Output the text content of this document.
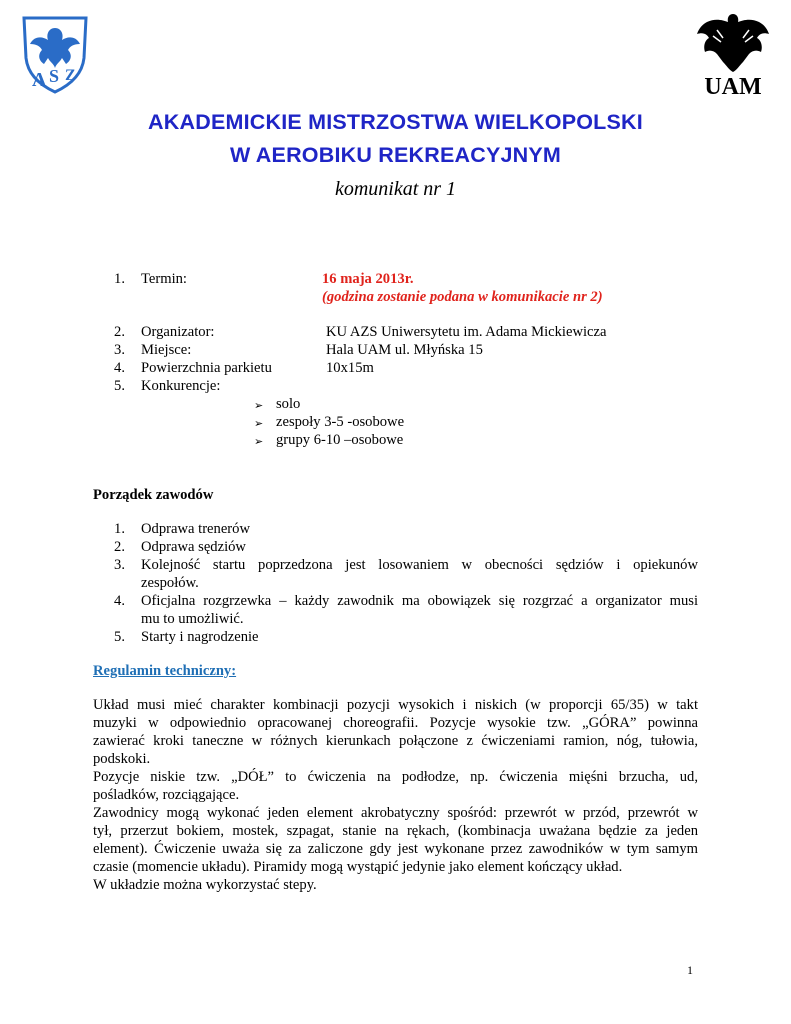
A S Z	UAM
AKADEMICKIE MISTRZOSTWA WIELKOPOLSKI
W AEROBIKU REKREACYJNYM
komunikat nr 1
1. Termin:	16 maja 2013r.
(godzina zostanie podana w komunikacie nr 2)
2. Organizator:	KU AZS Uniwersytetu im. Adama Mickiewicza
3. Miejsce:	Hala UAM ul. Młyńska 15
4. Powierzchnia parkietu	10x15m
5. Konkurencje:
➢ solo
➢ zespoły 3-5 -osobowe
➢ grupy 6-10 –osobowe
Porządek zawodów
1. Odprawa trenerów
2. Odprawa sędziów
3. Kolejność startu poprzedzona jest losowaniem w obecności sędziów i opiekunów
zespołów.
4. Oficjalna rozgrzewka – każdy zawodnik ma obowiązek się rozgrzać a organizator musi
mu to umożliwić.
5. Starty i nagrodzenie
Regulamin techniczny:
Układ musi mieć charakter kombinacji pozycji wysokich i niskich (w proporcji 65/35) w takt
muzyki w odpowiednio opracowanej choreografii. Pozycje wysokie tzw. „GÓRA” powinna
zawierać kroki taneczne w różnych kierunkach połączone z ćwiczeniami ramion, nóg, tułowia,
podskoki.
Pozycje niskie tzw. „DÓŁ” to ćwiczenia na podłodze, np. ćwiczenia mięśni brzucha, ud,
pośladków, rozciągające.
Zawodnicy mogą wykonać jeden element akrobatyczny spośród: przewrót w przód, przewrót w
tył, przerzut bokiem, mostek, szpagat, stanie na rękach, (kombinacja uważana będzie za jeden
element). Ćwiczenie uważa się za zaliczone gdy jest wykonane przez zawodników w tym samym
czasie (momencie układu). Piramidy mogą wystąpić jedynie jako element kończący układ.
W układzie można wykorzystać stepy.
1
